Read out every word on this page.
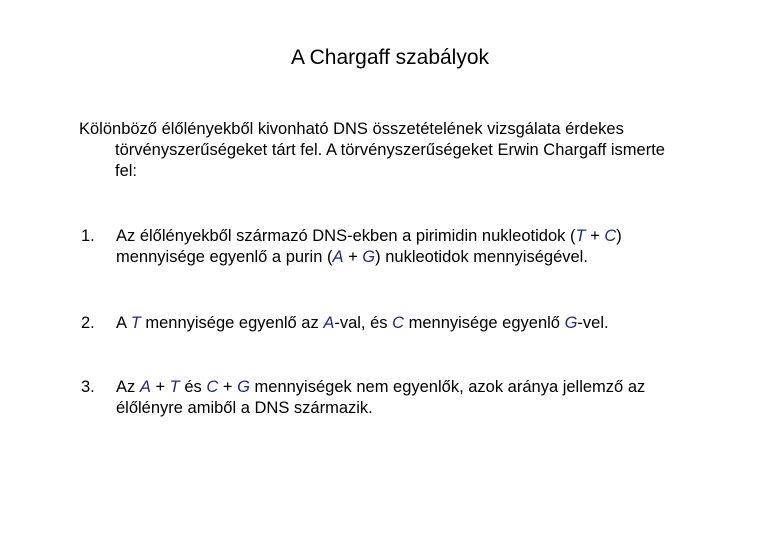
A Chargaff szabályok
Kölönböző élőlényekből kivonható DNS összetételének vizsgálata érdekes
törvényszerűségeket tárt fel. A törvényszerűségeket Erwin Chargaff ismerte
fel:
1. Az élőlényekből származó DNS-ekben a pirimidin nukleotidok (T + C)
mennyisége egyenlő a purin (A + G) nukleotidok mennyiségével.
2. A T mennyisége egyenlő az A-val, és C mennyisége egyenlő G-vel.
3. Az A + T és C + G mennyiségek nem egyenlők, azok aránya jellemző az
élőlényre amiből a DNS származik.
